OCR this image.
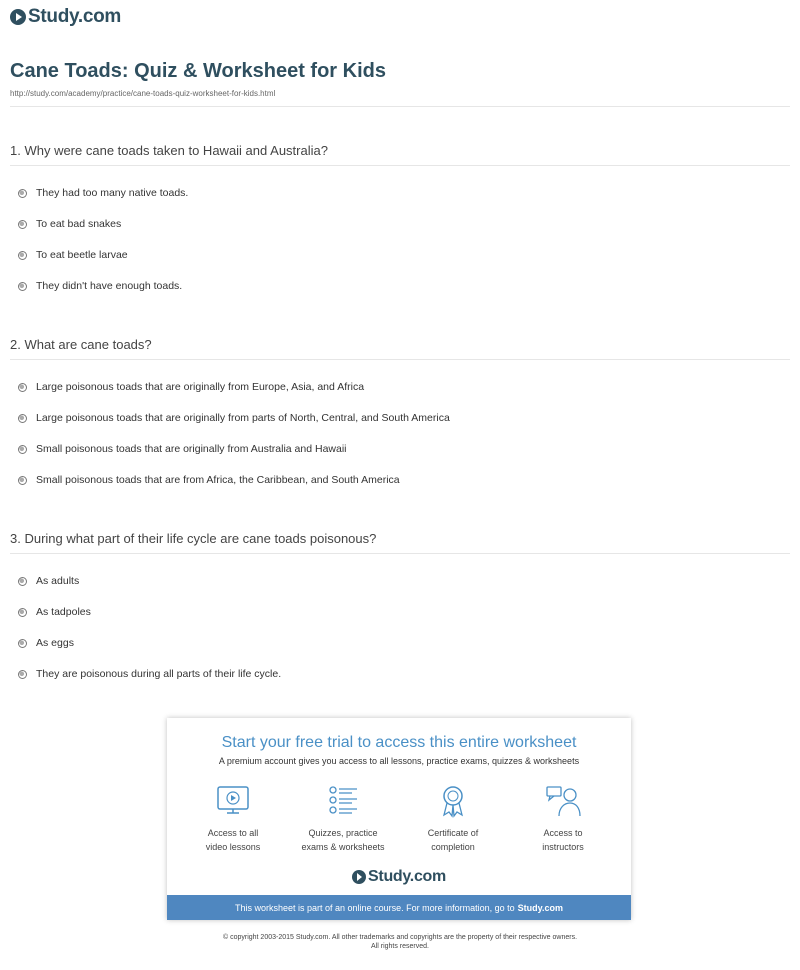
Study.com
Cane Toads: Quiz & Worksheet for Kids
http://study.com/academy/practice/cane-toads-quiz-worksheet-for-kids.html
1. Why were cane toads taken to Hawaii and Australia?
They had too many native toads.
To eat bad snakes
To eat beetle larvae
They didn't have enough toads.
2. What are cane toads?
Large poisonous toads that are originally from Europe, Asia, and Africa
Large poisonous toads that are originally from parts of North, Central, and South America
Small poisonous toads that are originally from Australia and Hawaii
Small poisonous toads that are from Africa, the Caribbean, and South America
3. During what part of their life cycle are cane toads poisonous?
As adults
As tadpoles
As eggs
They are poisonous during all parts of their life cycle.
Start your free trial to access this entire worksheet
A premium account gives you access to all lessons, practice exams, quizzes & worksheets
Access to all
video lessons
Quizzes, practice
exams & worksheets
Certificate of
completion
Access to
instructors
Study.com
This worksheet is part of an online course. For more information, go to Study.com
© copyright 2003-2015 Study.com. All other trademarks and copyrights are the property of their respective owners.
All rights reserved.
